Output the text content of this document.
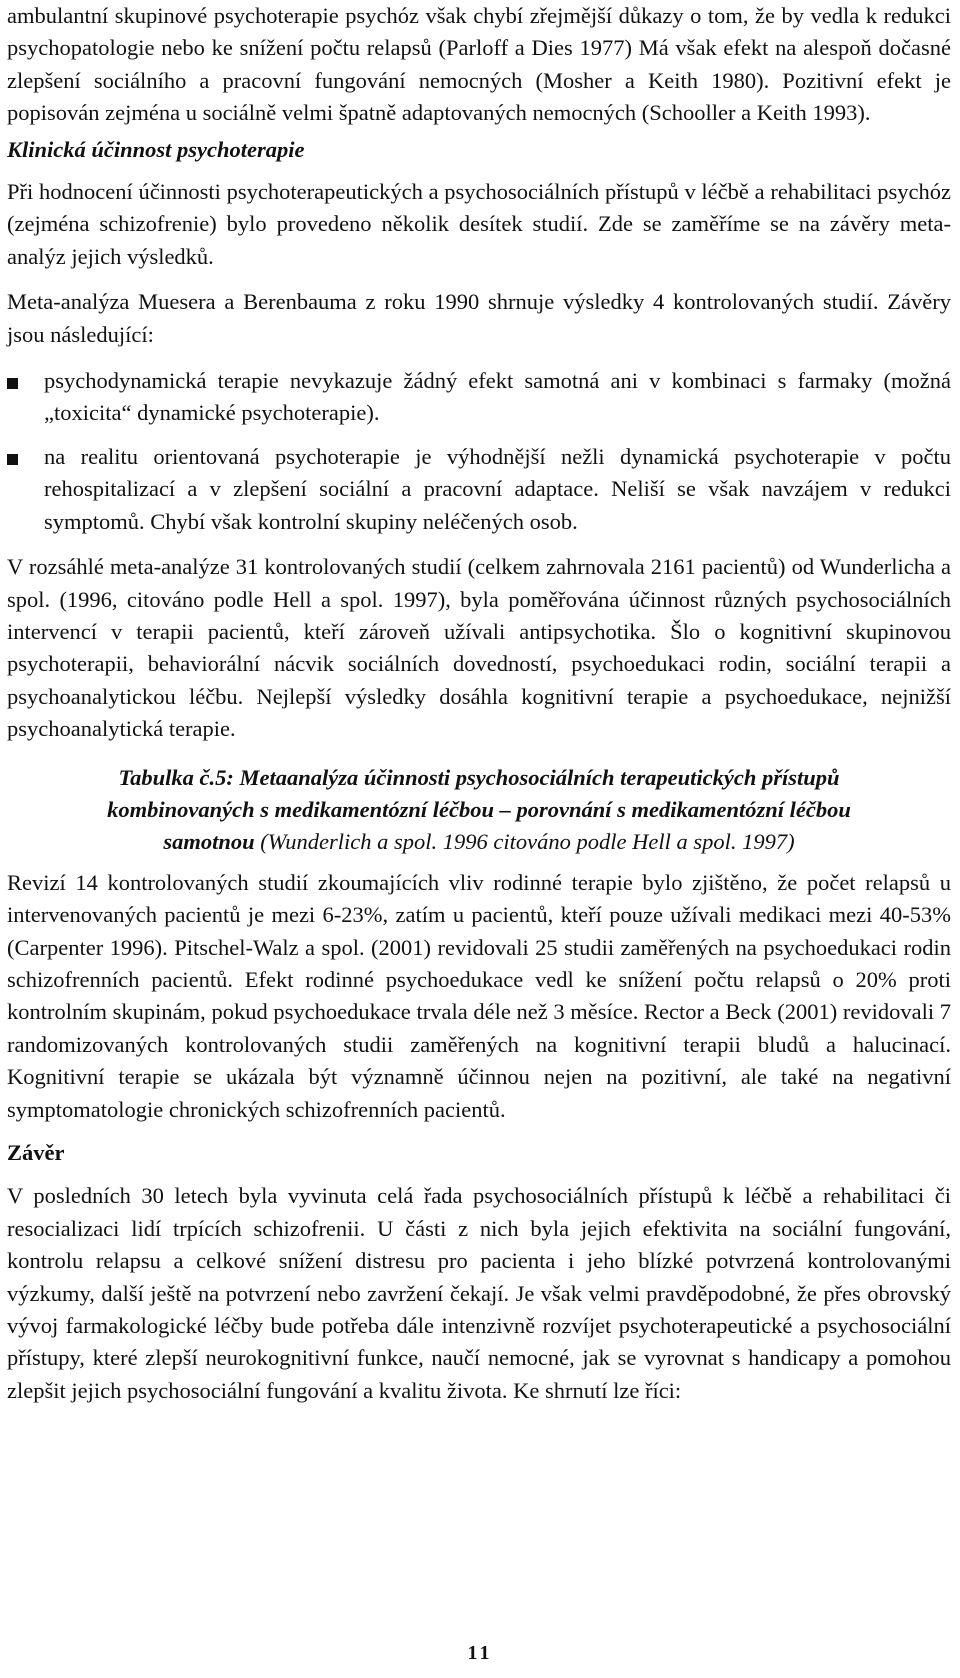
ambulantní skupinové psychoterapie psychóz však chybí zřejmější důkazy o tom, že by vedla k redukci psychopatologie nebo ke snížení počtu relapsů (Parloff a Dies 1977) Má však efekt na alespoň dočasné zlepšení sociálního a pracovní fungování nemocných (Mosher a Keith 1980). Pozitivní efekt je popisován zejména u sociálně velmi špatně adaptovaných nemocných (Schooller a Keith 1993).

Klinická účinnost psychoterapie

Při hodnocení účinnosti psychoterapeutických a psychosociálních přístupů v léčbě a rehabilitaci psychóz (zejména schizofrenie) bylo provedeno několik desítek studií. Zde se zaměříme se na závěry meta-analýz jejich výsledků.

Meta-analýza Muesera a Berenbauma z roku 1990 shrnuje výsledky 4 kontrolovaných studií. Závěry jsou následující:

psychodynamická terapie nevykazuje žádný efekt samotná ani v kombinaci s farmaky (možná „toxicita“ dynamické psychoterapie).

na realitu orientovaná psychoterapie je výhodnější nežli dynamická psychoterapie v počtu rehospitalizací a v zlepšení sociální a pracovní adaptace. Neliší se však navzájem v redukci symptomů. Chybí však kontrolní skupiny neléčených osob.

V rozsáhlé meta-analýze 31 kontrolovaných studií (celkem zahrnovala 2161 pacientů) od Wunderlicha a spol. (1996, citováno podle Hell a spol. 1997), byla poměřována účinnost různých psychosociálních intervencí v terapii pacientů, kteří zároveň užívali antipsychotika. Šlo o kognitivní skupinovou psychoterapii, behaviorální nácvik sociálních dovedností, psychoedukaci rodin, sociální terapii a psychoanalytickou léčbu. Nejlepší výsledky dosáhla kognitivní terapie a psychoedukace, nejnižší psychoanalytická terapie.

Tabulka č.5: Metaanalýza účinnosti psychosociálních terapeutických přístupů

kombinovaných s medikamentózní léčbou – porovnání s medikamentózní léčbou

samotnou (Wunderlich a spol. 1996 citováno podle Hell a spol. 1997)

Revizí 14 kontrolovaných studií zkoumajících vliv rodinné terapie bylo zjištěno, že počet relapsů u intervenovaných pacientů je mezi 6-23%, zatím u pacientů, kteří pouze užívali medikaci mezi 40-53% (Carpenter 1996). Pitschel-Walz a spol. (2001) revidovali 25 studii zaměřených na psychoedukaci rodin schizofrenních pacientů. Efekt rodinné psychoedukace vedl ke snížení počtu relapsů o 20% proti kontrolním skupinám, pokud psychoedukace trvala déle než 3 měsíce. Rector a Beck (2001) revidovali 7 randomizovaných kontrolovaných studii zaměřených na kognitivní terapii bludů a halucinací. Kognitivní terapie se ukázala být významně účinnou nejen na pozitivní, ale také na negativní symptomatologie chronických schizofrenních pacientů.

Závěr

V posledních 30 letech byla vyvinuta celá řada psychosociálních přístupů k léčbě a rehabilitaci či resocializaci lidí trpících schizofrenii. U části z nich byla jejich efektivita na sociální fungování, kontrolu relapsu a celkové snížení distresu pro pacienta i jeho blízké potvrzená kontrolovanými výzkumy, další ještě na potvrzení nebo zavržení čekají. Je však velmi pravděpodobné, že přes obrovský vývoj farmakologické léčby bude potřeba dále intenzivně rozvíjet psychoterapeutické a psychosociální přístupy, které zlepší neurokognitivní funkce, naučí nemocné, jak se vyrovnat s handicapy a pomohou zlepšit jejich psychosociální fungování a kvalitu života. Ke shrnutí lze říci:

11
